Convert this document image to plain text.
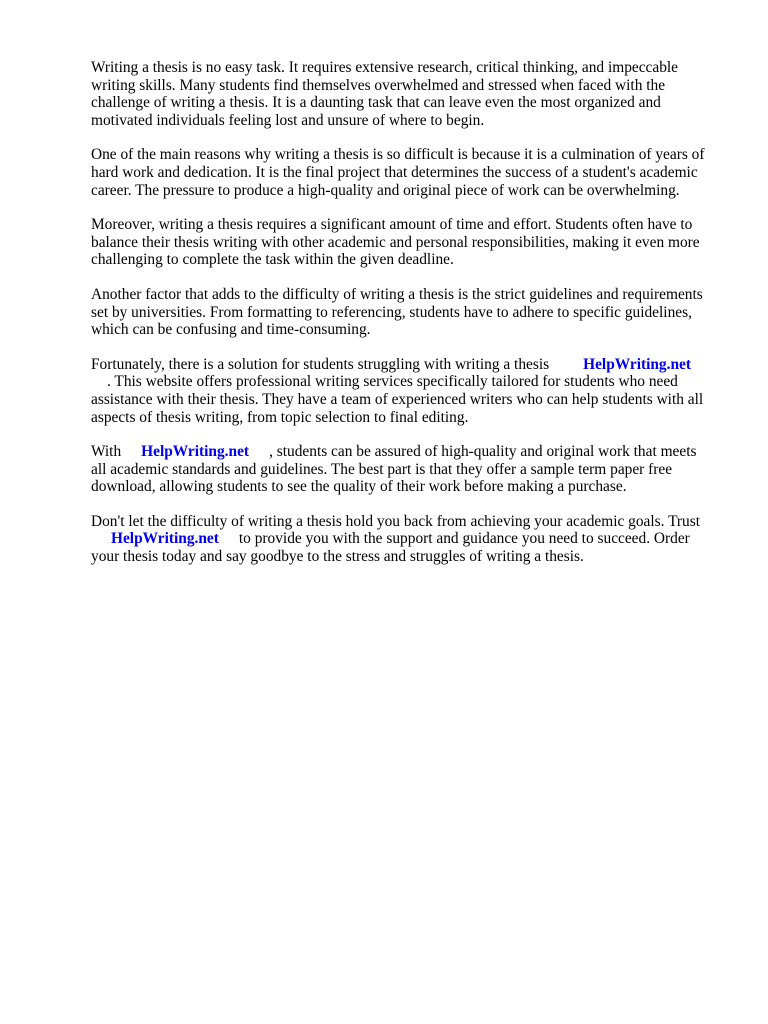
Writing a thesis is no easy task. It requires extensive research, critical thinking, and impeccable writing skills. Many students find themselves overwhelmed and stressed when faced with the challenge of writing a thesis. It is a daunting task that can leave even the most organized and motivated individuals feeling lost and unsure of where to begin.

One of the main reasons why writing a thesis is so difficult is because it is a culmination of years of hard work and dedication. It is the final project that determines the success of a student's academic career. The pressure to produce a high-quality and original piece of work can be overwhelming.

Moreover, writing a thesis requires a significant amount of time and effort. Students often have to balance their thesis writing with other academic and personal responsibilities, making it even more challenging to complete the task within the given deadline.

Another factor that adds to the difficulty of writing a thesis is the strict guidelines and requirements set by universities. From formatting to referencing, students have to adhere to specific guidelines, which can be confusing and time-consuming.

Fortunately, there is a solution for students struggling with writing a thesis HelpWriting.net
. This website offers professional writing services specifically tailored for students who need assistance with their thesis. They have a team of experienced writers who can help students with all aspects of thesis writing, from topic selection to final editing.

With HelpWriting.net , students can be assured of high-quality and original work that meets all academic standards and guidelines. The best part is that they offer a sample term paper free download, allowing students to see the quality of their work before making a purchase.

Don't let the difficulty of writing a thesis hold you back from achieving your academic goals. Trust
HelpWriting.net to provide you with the support and guidance you need to succeed. Order your thesis today and say goodbye to the stress and struggles of writing a thesis.
